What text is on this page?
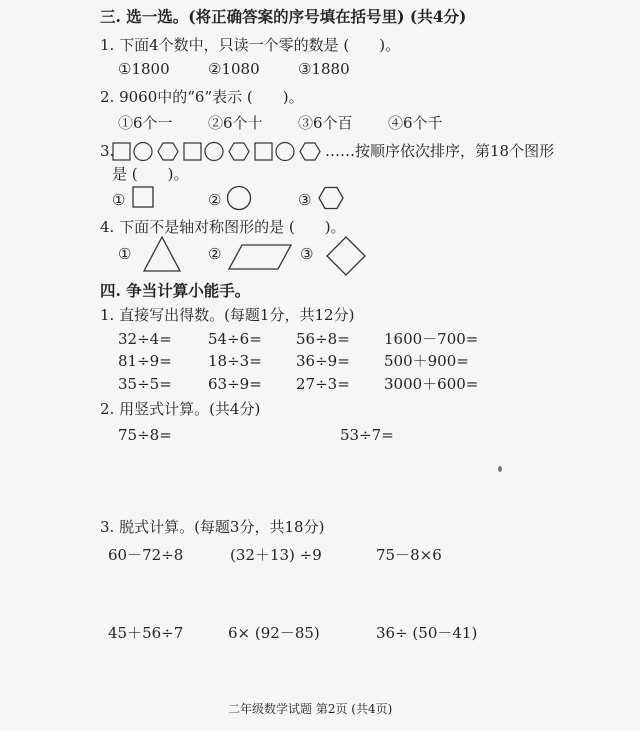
三. 选一选。(将正确答案的序号填在括号里) (共4分)
1. 下面4个数中，只读一个零的数是 (　　)。
①1800	②1080	③1880
2. 9060中的“6”表示 (　　)。
①6个一 ②6个十 ③6个百 ④6个千
3.	……按顺序依次排序，第18个图形
是 (　　)。
①	②	③
4. 下面不是轴对称图形的是 (　　)。
①	②	③
四. 争当计算小能手。
1. 直接写出得数。(每题1分，共12分)
32÷4= 54÷6= 56÷8= 1600－700=
81÷9= 18÷3= 36÷9= 500＋900=
35÷5= 63÷9= 27÷3= 3000＋600=
2. 用竖式计算。(共4分)
75÷8=	53÷7=
3. 脱式计算。(每题3分，共18分)
60－72÷8	(32＋13) ÷9	75－8×6
45＋56÷7	6× (92－85)	36÷ (50－41)
二年级数学试题 第2页 (共4页)
